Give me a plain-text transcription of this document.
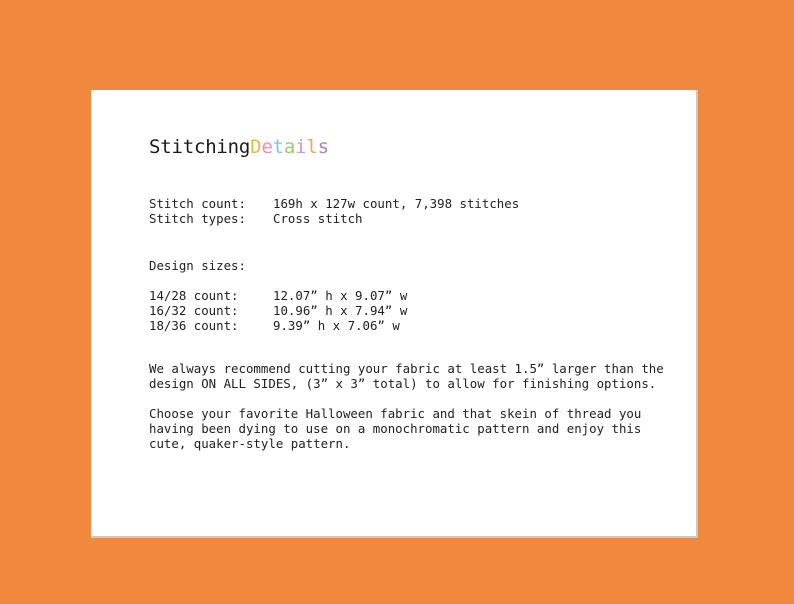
StitchingDetails
Stitch count:	169h x 127w count, 7,398 stitches
Stitch types:	Cross stitch
Design sizes:
14/28 count:	12.07” h x 9.07” w
16/32 count:	10.96” h x 7.94” w
18/36 count:	9.39” h x 7.06” w
We always recommend cutting your fabric at least 1.5” larger than the
design ON ALL SIDES, (3” x 3” total) to allow for finishing options.
Choose your favorite Halloween fabric and that skein of thread you
having been dying to use on a monochromatic pattern and enjoy this
cute, quaker-style pattern.
